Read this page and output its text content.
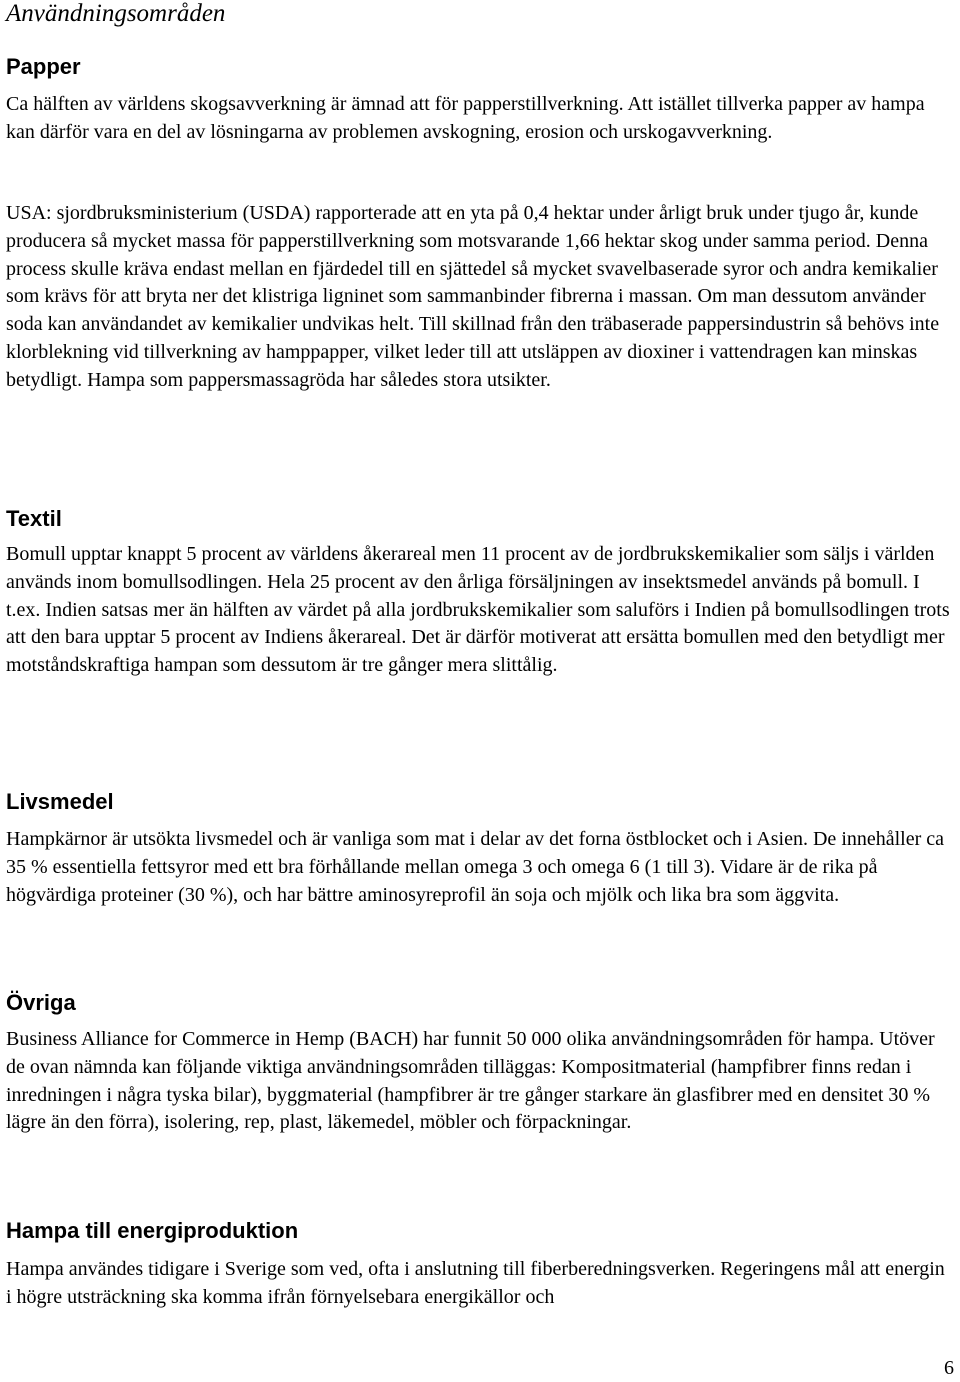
Användningsområden
Papper

Ca hälften av världens skogsavverkning är ämnad att för papperstillverkning. Att istället tillverka papper av hampa kan därför vara en del av lösningarna av problemen avskogning, erosion och urskogavverkning.

USA: sjordbruksministerium (USDA) rapporterade att en yta på 0,4 hektar under årligt bruk under tjugo år, kunde producera så mycket massa för papperstillverkning som motsvarande 1,66 hektar skog under samma period. Denna process skulle kräva endast mellan en fjärdedel till en sjättedel så mycket svavelbaserade syror och andra kemikalier som krävs för att bryta ner det klistriga ligninet som sammanbinder fibrerna i massan. Om man dessutom använder soda kan användandet av kemikalier undvikas helt. Till skillnad från den träbaserade pappersindustrin så behövs inte klorblekning vid tillverkning av hamppapper, vilket leder till att utsläppen av dioxiner i vattendragen kan minskas betydligt. Hampa som pappersmassagröda har således stora utsikter.

Textil

Bomull upptar knappt 5 procent av världens åkerareal men 11 procent av de jordbrukskemikalier som säljs i världen används inom bomullsodlingen. Hela 25 procent av den årliga försäljningen av insektsmedel används på bomull. I t.ex. Indien satsas mer än hälften av värdet på alla jordbrukskemikalier som saluförs i Indien på bomullsodlingen trots att den bara upptar 5 procent av Indiens åkerareal. Det är därför motiverat att ersätta bomullen med den betydligt mer motståndskraftiga hampan som dessutom är tre gånger mera slittålig.

Livsmedel

Hampkärnor är utsökta livsmedel och är vanliga som mat i delar av det forna östblocket och i Asien. De innehåller ca 35 % essentiella fettsyror med ett bra förhållande mellan omega 3 och omega 6 (1 till 3). Vidare är de rika på högvärdiga proteiner (30 %), och har bättre aminosyreprofil än soja och mjölk och lika bra som äggvita.

Övriga

Business Alliance for Commerce in Hemp (BACH) har funnit 50 000 olika användningsområden för hampa. Utöver de ovan nämnda kan följande viktiga användningsområden tilläggas: Kompositmaterial (hampfibrer finns redan i inredningen i några tyska bilar), byggmaterial (hampfibrer är tre gånger starkare än glasfibrer med en densitet 30 % lägre än den förra), isolering, rep, plast, läkemedel, möbler och förpackningar.

Hampa till energiproduktion

Hampa användes tidigare i Sverige som ved, ofta i anslutning till fiberberedningsverken. Regeringens mål att energin i högre utsträckning ska komma ifrån förnyelsebara energikällor och

6
